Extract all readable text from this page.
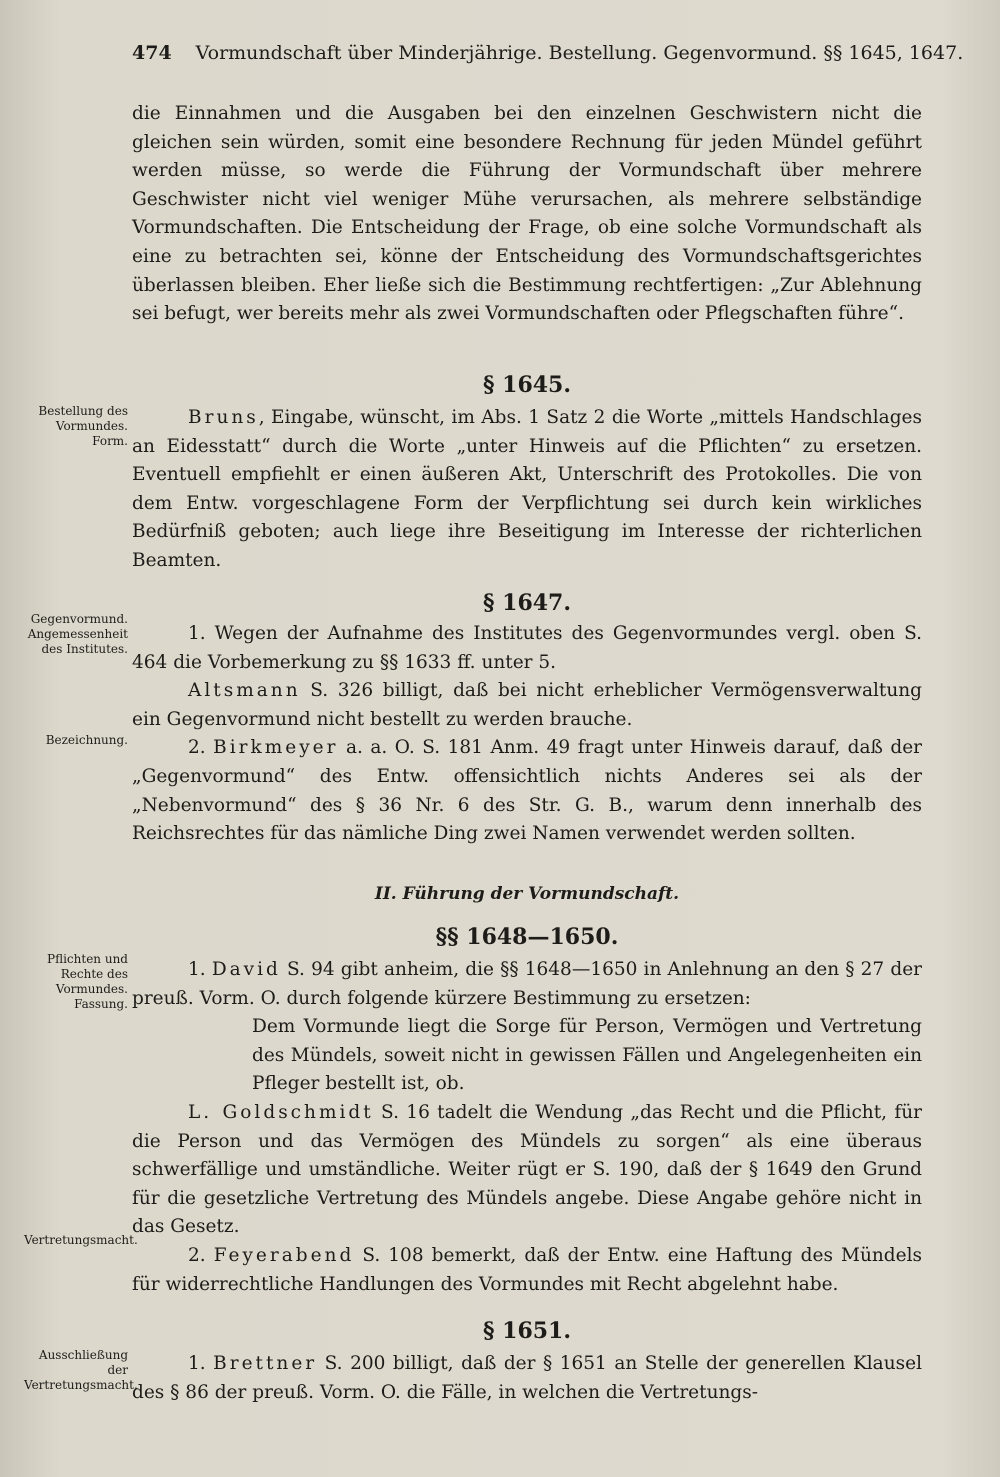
474 Vormundschaft über Minderjährige. Bestellung. Gegenvormund. §§ 1645, 1647.

die Einnahmen und die Ausgaben bei den einzelnen Geschwistern nicht die gleichen sein würden, somit eine besondere Rechnung für jeden Mündel geführt werden müsse, so werde die Führung der Vormundschaft über mehrere Geschwister nicht viel weniger Mühe verursachen, als mehrere selbständige Vormundschaften. Die Entscheidung der Frage, ob eine solche Vormundschaft als eine zu betrachten sei, könne der Entscheidung des Vormundschaftsgerichtes überlassen bleiben. Eher ließe sich die Bestimmung rechtfertigen: „Zur Ablehnung sei befugt, wer bereits mehr als zwei Vormundschaften oder Pflegschaften führe“.

§ 1645.
Bestellung des Vormundes. Form.

Bruns, Eingabe, wünscht, im Abs. 1 Satz 2 die Worte „mittels Handschlages an Eidesstatt“ durch die Worte „unter Hinweis auf die Pflichten“ zu ersetzen. Eventuell empfiehlt er einen äußeren Akt, Unterschrift des Protokolles. Die von dem Entw. vorgeschlagene Form der Verpflichtung sei durch kein wirkliches Bedürfniß geboten; auch liege ihre Beseitigung im Interesse der richterlichen Beamten.

§ 1647.
Gegenvormund. Angemessenheit des Institutes.
Bezeichnung.

1. Wegen der Aufnahme des Institutes des Gegenvormundes vergl. oben S. 464 die Vorbemerkung zu §§ 1633 ff. unter 5.

Altsmann S. 326 billigt, daß bei nicht erheblicher Vermögensverwaltung ein Gegenvormund nicht bestellt zu werden brauche.

2. Birkmeyer a. a. O. S. 181 Anm. 49 fragt unter Hinweis darauf, daß der „Gegenvormund“ des Entw. offensichtlich nichts Anderes sei als der „Nebenvormund“ des § 36 Nr. 6 des Str. G. B., warum denn innerhalb des Reichsrechtes für das nämliche Ding zwei Namen verwendet werden sollten.

II. Führung der Vormundschaft.
§§ 1648—1650.
Pflichten und Rechte des Vormundes. Fassung.
Vertretungsmacht.

1. David S. 94 gibt anheim, die §§ 1648—1650 in Anlehnung an den § 27 der preuß. Vorm. O. durch folgende kürzere Bestimmung zu ersetzen:

Dem Vormunde liegt die Sorge für Person, Vermögen und Vertretung des Mündels, soweit nicht in gewissen Fällen und Angelegenheiten ein Pfleger bestellt ist, ob.

L. Goldschmidt S. 16 tadelt die Wendung „das Recht und die Pflicht, für die Person und das Vermögen des Mündels zu sorgen“ als eine überaus schwerfällige und umständliche. Weiter rügt er S. 190, daß der § 1649 den Grund für die gesetzliche Vertretung des Mündels angebe. Diese Angabe gehöre nicht in das Gesetz.

2. Feyerabend S. 108 bemerkt, daß der Entw. eine Haftung des Mündels für widerrechtliche Handlungen des Vormundes mit Recht abgelehnt habe.

§ 1651.
Ausschließung der Vertretungsmacht.

1. Brettner S. 200 billigt, daß der § 1651 an Stelle der generellen Klausel des § 86 der preuß. Vorm. O. die Fälle, in welchen die Vertretungs-
